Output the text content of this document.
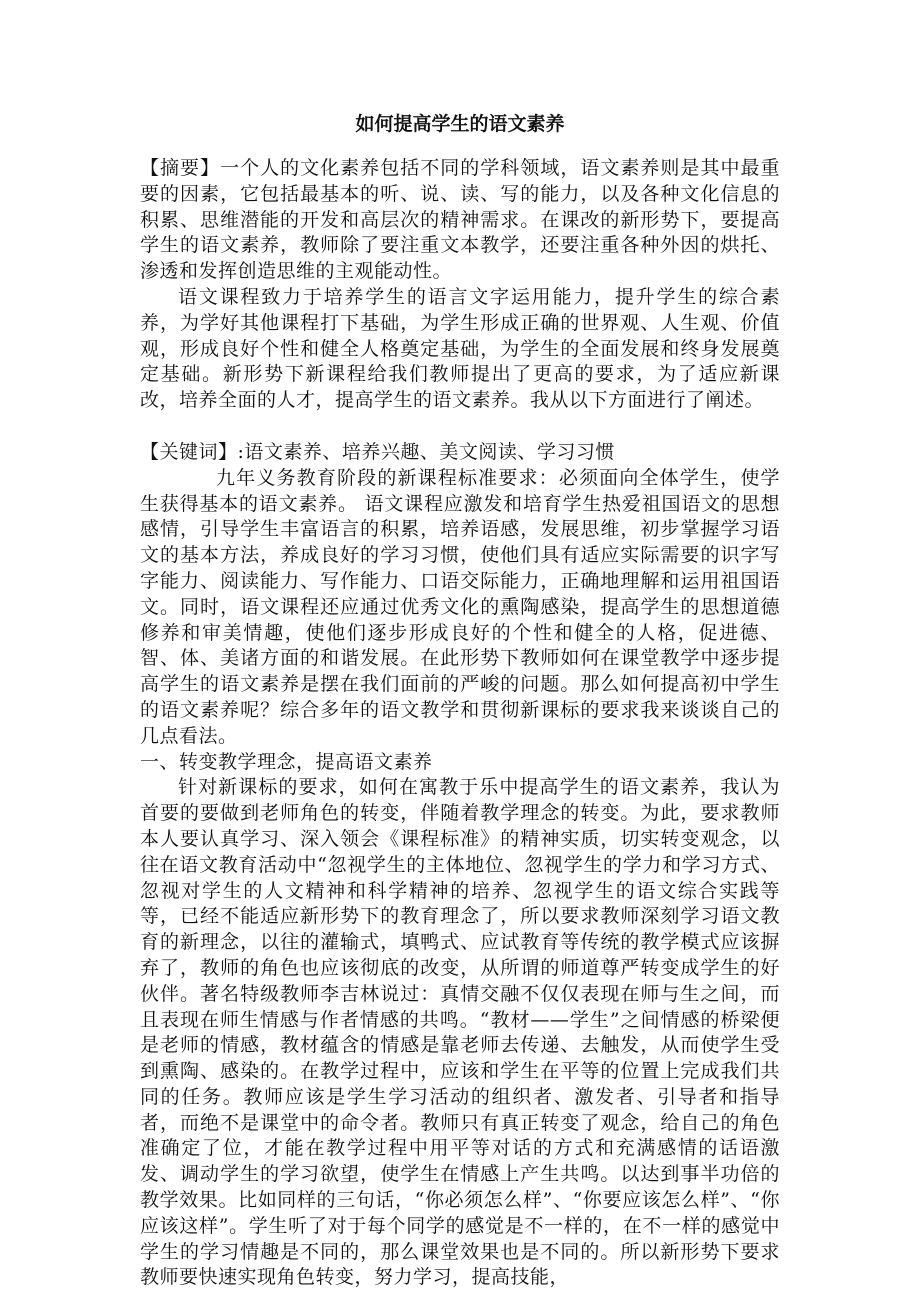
如何提高学生的语文素养

【摘要】一个人的文化素养包括不同的学科领域，语文素养则是其中最重要的因素，它包括最基本的听、说、读、写的能力，以及各种文化信息的积累、思维潜能的开发和高层次的精神需求。在课改的新形势下，要提高学生的语文素养，教师除了要注重文本教学，还要注重各种外因的烘托、渗透和发挥创造思维的主观能动性。

语文课程致力于培养学生的语言文字运用能力，提升学生的综合素养，为学好其他课程打下基础，为学生形成正确的世界观、人生观、价值观，形成良好个性和健全人格奠定基础，为学生的全面发展和终身发展奠定基础。新形势下新课程给我们教师提出了更高的要求，为了适应新课改，培养全面的人才，提高学生的语文素养。我从以下方面进行了阐述。

【关键词】:语文素养、培养兴趣、美文阅读、学习习惯

九年义务教育阶段的新课程标准要求：必须面向全体学生，使学生获得基本的语文素养。 语文课程应激发和培育学生热爱祖国语文的思想感情，引导学生丰富语言的积累，培养语感，发展思维，初步掌握学习语文的基本方法，养成良好的学习习惯，使他们具有适应实际需要的识字写字能力、阅读能力、写作能力、口语交际能力，正确地理解和运用祖国语文。同时，语文课程还应通过优秀文化的熏陶感染，提高学生的思想道德修养和审美情趣，使他们逐步形成良好的个性和健全的人格，促进德、智、体、美诸方面的和谐发展。在此形势下教师如何在课堂教学中逐步提高学生的语文素养是摆在我们面前的严峻的问题。那么如何提高初中学生的语文素养呢？综合多年的语文教学和贯彻新课标的要求我来谈谈自己的几点看法。

一、转变教学理念，提高语文素养

针对新课标的要求，如何在寓教于乐中提高学生的语文素养，我认为首要的要做到老师角色的转变，伴随着教学理念的转变。为此，要求教师本人要认真学习、深入领会《课程标准》的精神实质，切实转变观念，以往在语文教育活动中“忽视学生的主体地位、忽视学生的学力和学习方式、忽视对学生的人文精神和科学精神的培养、忽视学生的语文综合实践等等，已经不能适应新形势下的教育理念了，所以要求教师深刻学习语文教育的新理念，以往的灌输式，填鸭式、应试教育等传统的教学模式应该摒弃了，教师的角色也应该彻底的改变，从所谓的师道尊严转变成学生的好伙伴。著名特级教师李吉林说过：真情交融不仅仅表现在师与生之间，而且表现在师生情感与作者情感的共鸣。“教材——学生”之间情感的桥梁便是老师的情感，教材蕴含的情感是靠老师去传递、去触发，从而使学生受到熏陶、感染的。在教学过程中，应该和学生在平等的位置上完成我们共同的任务。教师应该是学生学习活动的组织者、激发者、引导者和指导者，而绝不是课堂中的命令者。教师只有真正转变了观念，给自己的角色准确定了位，才能在教学过程中用平等对话的方式和充满感情的话语激发、调动学生的学习欲望，使学生在情感上产生共鸣。以达到事半功倍的教学效果。比如同样的三句话，“你必须怎么样”、“你要应该怎么样”、“你应该这样”。学生听了对于每个同学的感觉是不一样的，在不一样的感觉中学生的学习情趣是不同的，那么课堂效果也是不同的。所以新形势下要求教师要快速实现角色转变，努力学习，提高技能，
